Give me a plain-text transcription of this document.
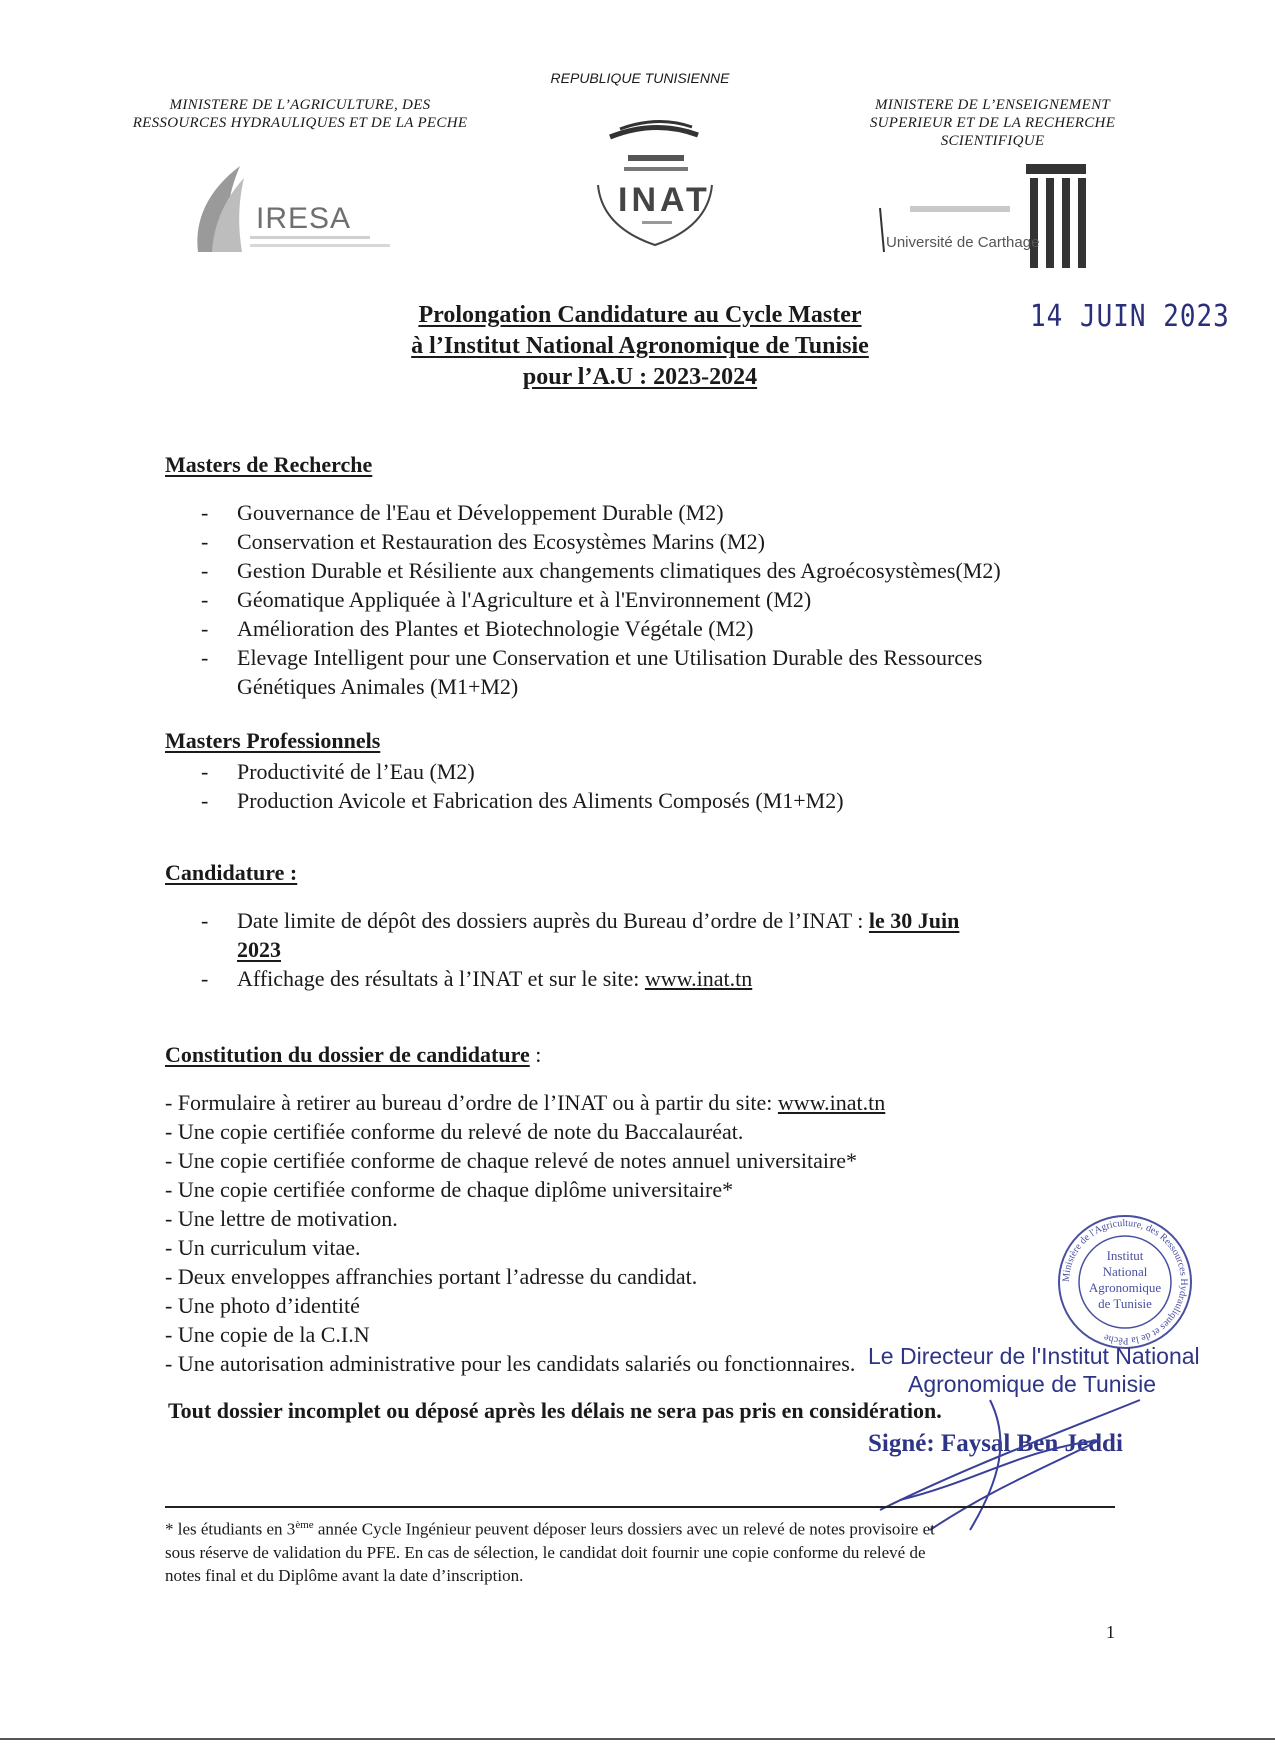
MINISTERE DE L’AGRICULTURE, DES
RESSOURCES HYDRAULIQUES ET DE LA PECHE
IRESA
REPUBLIQUE TUNISIENNE
INAT
MINISTERE DE L’ENSEIGNEMENT
SUPERIEUR ET DE LA RECHERCHE
SCIENTIFIQUE
Université de Carthage
14 JUIN 2023
Prolongation Candidature au Cycle Master
à l’Institut National Agronomique de Tunisie
pour l’A.U : 2023-2024
Masters de Recherche
- Gouvernance de l'Eau et Développement Durable (M2)
- Conservation et Restauration des Ecosystèmes Marins (M2)
- Gestion Durable et Résiliente aux changements climatiques des Agroécosystèmes(M2)
- Géomatique Appliquée à l'Agriculture et à l'Environnement (M2)
- Amélioration des Plantes et Biotechnologie Végétale (M2)
- Elevage Intelligent pour une Conservation et une Utilisation Durable des Ressources
Génétiques Animales (M1+M2)
Masters Professionnels
- Productivité de l’Eau (M2)
- Production Avicole et Fabrication des Aliments Composés (M1+M2)
Candidature :
- Date limite de dépôt des dossiers auprès du Bureau d’ordre de l’INAT : le 30 Juin
2023
- Affichage des résultats à l’INAT et sur le site: www.inat.tn
Constitution du dossier de candidature :
- Formulaire à retirer au bureau d’ordre de l’INAT ou à partir du site: www.inat.tn
- Une copie certifiée conforme du relevé de note du Baccalauréat.
- Une copie certifiée conforme de chaque relevé de notes annuel universitaire*
- Une copie certifiée conforme de chaque diplôme universitaire*
- Une lettre de motivation.
- Un curriculum vitae.
- Deux enveloppes affranchies portant l’adresse du candidat.
- Une photo d’identité
- Une copie de la C.I.N
- Une autorisation administrative pour les candidats salariés ou fonctionnaires.
Ministère de l'Agriculture, des Ressources Hydrauliques et de la Pêche
Institut
National
Agronomique
de Tunisie
Le Directeur de l'Institut National
Agronomique de Tunisie
Tout dossier incomplet ou déposé après les délais ne sera pas pris en considération.
Signé: Faysal Ben Jeddi
* les étudiants en 3ème année Cycle Ingénieur peuvent déposer leurs dossiers avec un relevé de notes provisoire et
sous réserve de validation du PFE. En cas de sélection, le candidat doit fournir une copie conforme du relevé de
notes final et du Diplôme avant la date d’inscription.
1
